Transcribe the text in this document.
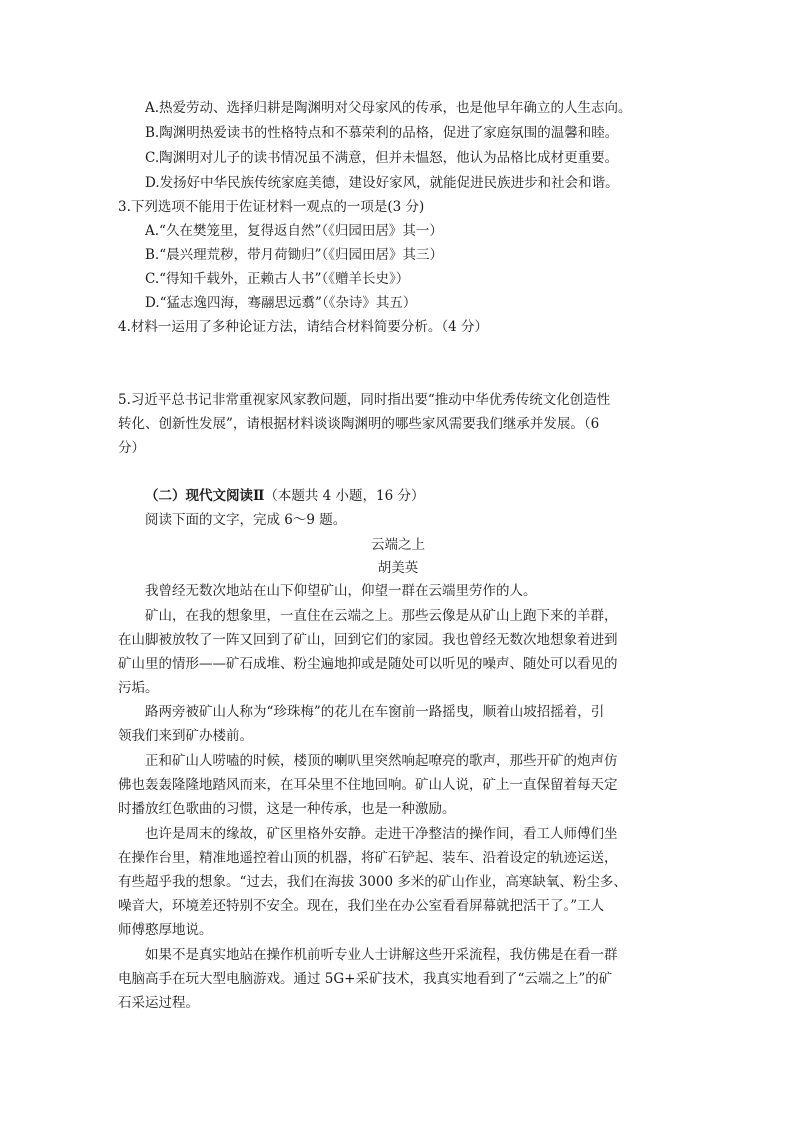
A.热爱劳动、选择归耕是陶渊明对父母家风的传承，也是他早年确立的人生志向。
B.陶渊明热爱读书的性格特点和不慕荣利的品格，促进了家庭氛围的温馨和睦。
C.陶渊明对儿子的读书情况虽不满意，但并未愠怒，他认为品格比成材更重要。
D.发扬好中华民族传统家庭美德，建设好家风，就能促进民族进步和社会和谐。
3.下列选项不能用于佐证材料一观点的一项是(3 分)
A.“久在樊笼里，复得返自然”（《归园田居》其一）
B.“晨兴理荒秽，带月荷锄归”（《归园田居》其三）
C.“得知千载外，正赖古人书”（《赠羊长史》）
D.“猛志逸四海，骞翮思远翥”（《杂诗》其五）
4.材料一运用了多种论证方法，请结合材料简要分析。（4 分）
5.习近平总书记非常重视家风家教问题，同时指出要“推动中华优秀传统文化创造性
转化、创新性发展”，请根据材料谈谈陶渊明的哪些家风需要我们继承并发展。（6
分）
（二）现代文阅读Ⅱ（本题共 4 小题，16 分）
阅读下面的文字，完成 6～9 题。
云端之上
胡美英
我曾经无数次地站在山下仰望矿山，仰望一群在云端里劳作的人。
矿山，在我的想象里，一直住在云端之上。那些云像是从矿山上跑下来的羊群，
在山脚被放牧了一阵又回到了矿山，回到它们的家园。我也曾经无数次地想象着进到
矿山里的情形——矿石成堆、粉尘遍地抑或是随处可以听见的噪声、随处可以看见的
污垢。
路两旁被矿山人称为“珍珠梅”的花儿在车窗前一路摇曳，顺着山坡招摇着，引
领我们来到矿办楼前。
正和矿山人唠嗑的时候，楼顶的喇叭里突然响起嘹亮的歌声，那些开矿的炮声仿
佛也轰轰隆隆地踏风而来，在耳朵里不住地回响。矿山人说，矿上一直保留着每天定
时播放红色歌曲的习惯，这是一种传承，也是一种激励。
也许是周末的缘故，矿区里格外安静。走进干净整洁的操作间，看工人师傅们坐
在操作台里，精准地遥控着山顶的机器，将矿石铲起、装车、沿着设定的轨迹运送，
有些超乎我的想象。“过去，我们在海拔 3000 多米的矿山作业，高寒缺氧、粉尘多、
噪音大，环境差还特别不安全。现在，我们坐在办公室看看屏幕就把活干了。”工人
师傅憨厚地说。
如果不是真实地站在操作机前听专业人士讲解这些开采流程，我仿佛是在看一群
电脑高手在玩大型电脑游戏。通过 5G+采矿技术，我真实地看到了“云端之上”的矿
石采运过程。
